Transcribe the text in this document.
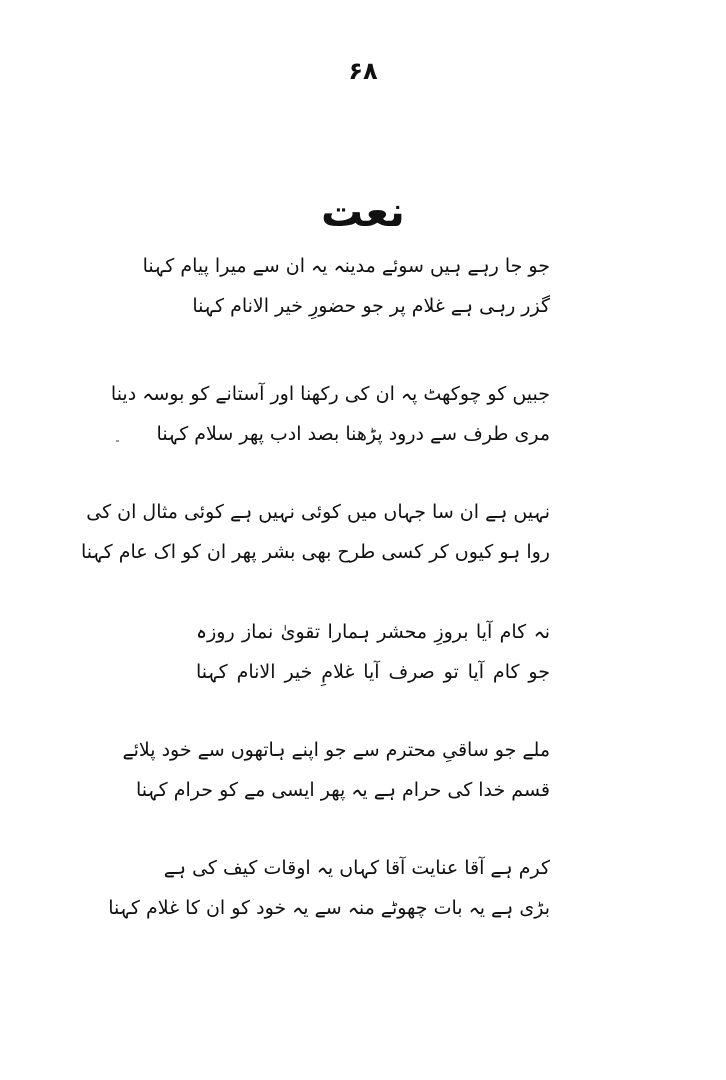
۶۸
نعت
جو جا رہے ہیں سوئے مدینہ یہ ان سے میرا پیام کہنا
گزر رہی ہے غلام پر جو حضورِ خیر الانام کہنا
جبیں کو چوکھٹ پہ ان کی رکھنا اور آستانے کو بوسہ دینا
مری طرف سے درود پڑھنا بصد ادب پھر سلام کہنا
نہیں ہے ان سا جہاں میں کوئی نہیں ہے کوئی مثال ان کی
روا ہو کیوں کر کسی طرح بھی بشر پھر ان کو اک عام کہنا
نہ کام آیا بروزِ محشر ہمارا تقویٰ نماز روزہ
جو کام آیا تو صرف آیا غلامِ خیر الانام کہنا
ملے جو ساقیِ محترم سے جو اپنے ہاتھوں سے خود پلائے
قسم خدا کی حرام ہے یہ پھر ایسی مے کو حرام کہنا
کرم ہے آقا عنایت آقا کہاں یہ اوقات کیف کی ہے
بڑی ہے یہ بات چھوٹے منہ سے یہ خود کو ان کا غلام کہنا
